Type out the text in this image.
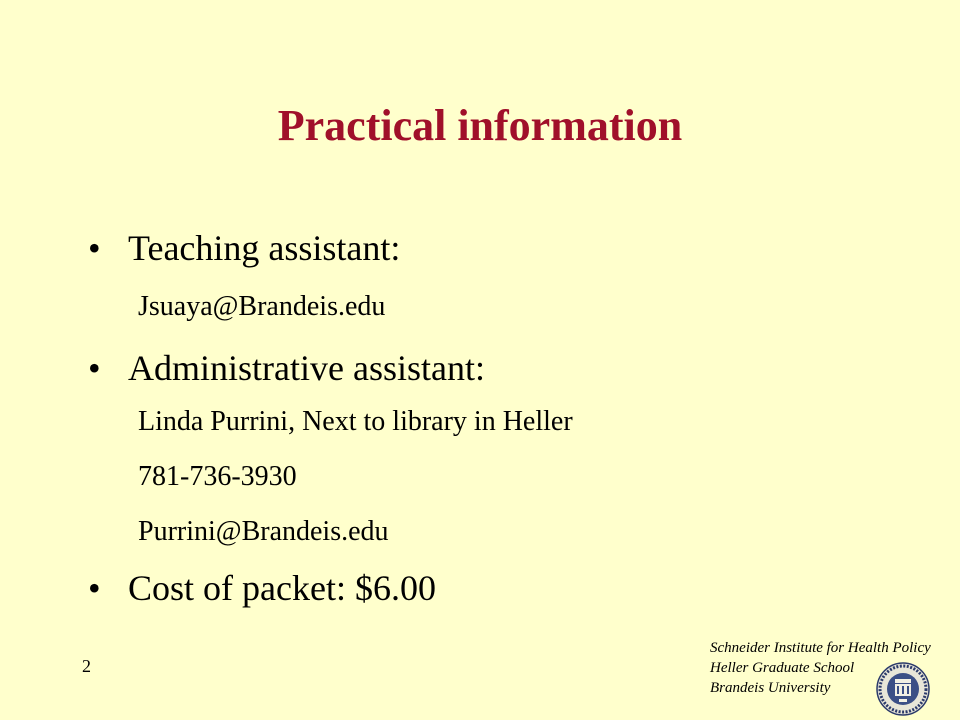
Practical information
• Teaching assistant:
Jsuaya@Brandeis.edu
• Administrative assistant:
Linda Purrini, Next to library in Heller
781-736-3930
Purrini@Brandeis.edu
• Cost of packet: $6.00
2
Schneider Institute for Health Policy
Heller Graduate School
Brandeis University
